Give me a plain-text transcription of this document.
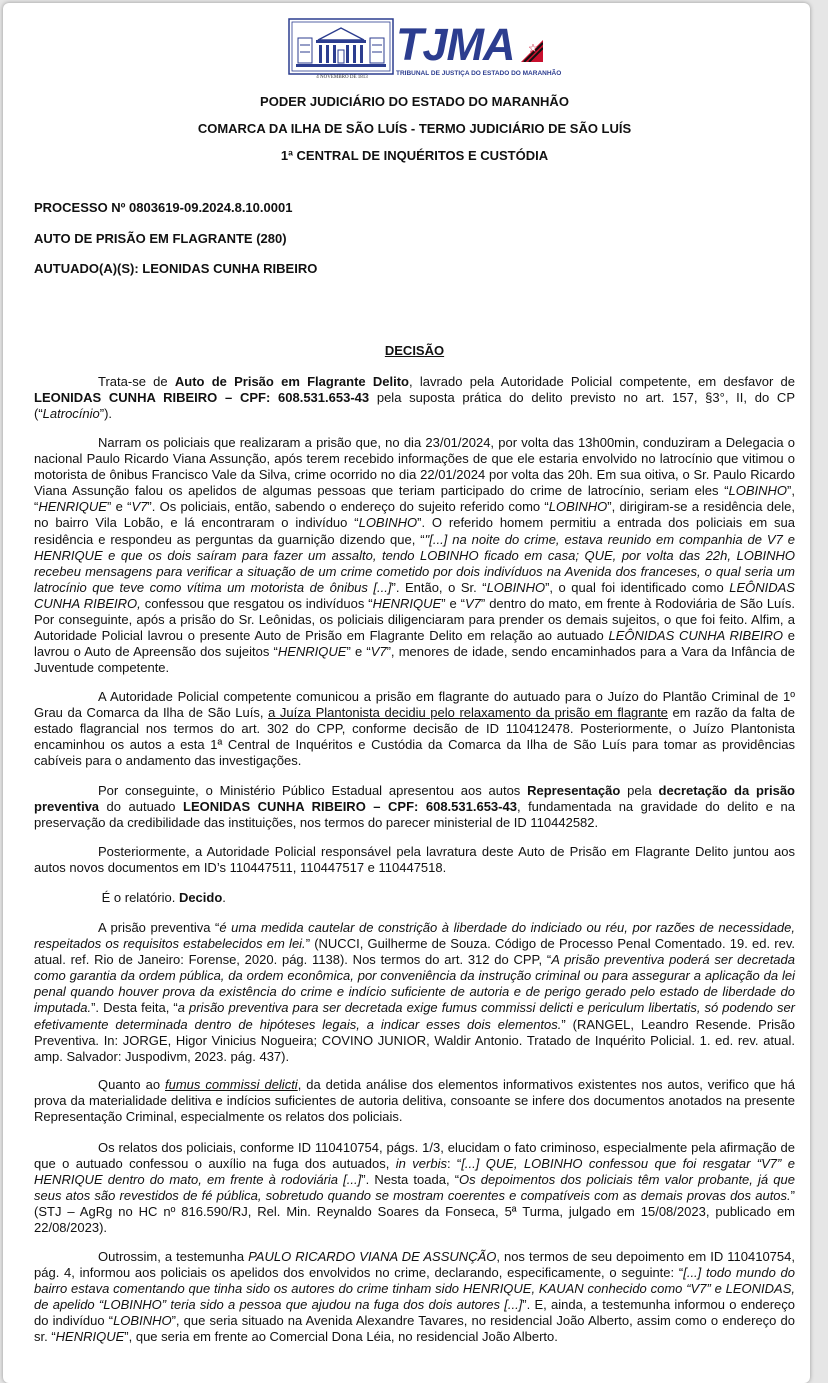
4 NOVEMBRO DE 1813
TJMA
TRIBUNAL DE JUSTIÇA DO ESTADO DO MARANHÃO
PODER JUDICIÁRIO DO ESTADO DO MARANHÃO
COMARCA DA ILHA DE SÃO LUÍS - TERMO JUDICIÁRIO DE SÃO LUÍS
1ª CENTRAL DE INQUÉRITOS E CUSTÓDIA
PROCESSO Nº 0803619-09.2024.8.10.0001
AUTO DE PRISÃO EM FLAGRANTE (280)
AUTUADO(A)(S): LEONIDAS CUNHA RIBEIRO
DECISÃO
Trata-se de Auto de Prisão em Flagrante Delito, lavrado pela Autoridade Policial competente, em desfavor de LEONIDAS CUNHA RIBEIRO – CPF: 608.531.653-43 pela suposta prática do delito previsto no art. 157, §3°, II, do CP (“Latrocínio”).
Narram os policiais que realizaram a prisão que, no dia 23/01/2024, por volta das 13h00min, conduziram a Delegacia o nacional Paulo Ricardo Viana Assunção, após terem recebido informações de que ele estaria envolvido no latrocínio que vitimou o motorista de ônibus Francisco Vale da Silva, crime ocorrido no dia 22/01/2024 por volta das 20h. Em sua oitiva, o Sr. Paulo Ricardo Viana Assunção falou os apelidos de algumas pessoas que teriam participado do crime de latrocínio, seriam eles “LOBINHO”, “HENRIQUE” e “V7”. Os policiais, então, sabendo o endereço do sujeito referido como “LOBINHO”, dirigiram-se a residência dele, no bairro Vila Lobão, e lá encontraram o indivíduo “LOBINHO”. O referido homem permitiu a entrada dos policiais em sua residência e respondeu as perguntas da guarnição dizendo que, “"[...] na noite do crime, estava reunido em companhia de V7 e HENRIQUE e que os dois saíram para fazer um assalto, tendo LOBINHO ficado em casa; QUE, por volta das 22h, LOBINHO recebeu mensagens para verificar a situação de um crime cometido por dois indivíduos na Avenida dos franceses, o qual seria um latrocínio que teve como vítima um motorista de ônibus [...]”. Então, o Sr. “LOBINHO”, o qual foi identificado como LEÔNIDAS CUNHA RIBEIRO, confessou que resgatou os indivíduos “HENRIQUE” e “V7” dentro do mato, em frente à Rodoviária de São Luís. Por conseguinte, após a prisão do Sr. Leônidas, os policiais diligenciaram para prender os demais sujeitos, o que foi feito. Alfim, a Autoridade Policial lavrou o presente Auto de Prisão em Flagrante Delito em relação ao autuado LEÔNIDAS CUNHA RIBEIRO e lavrou o Auto de Apreensão dos sujeitos “HENRIQUE” e “V7”, menores de idade, sendo encaminhados para a Vara da Infância de Juventude competente.
A Autoridade Policial competente comunicou a prisão em flagrante do autuado para o Juízo do Plantão Criminal de 1º Grau da Comarca da Ilha de São Luís, a Juíza Plantonista decidiu pelo relaxamento da prisão em flagrante em razão da falta de estado flagrancial nos termos do art. 302 do CPP, conforme decisão de ID 110412478. Posteriormente, o Juízo Plantonista encaminhou os autos a esta 1ª Central de Inquéritos e Custódia da Comarca da Ilha de São Luís para tomar as providências cabíveis para o andamento das investigações.
Por conseguinte, o Ministério Público Estadual apresentou aos autos Representação pela decretação da prisão preventiva do autuado LEONIDAS CUNHA RIBEIRO – CPF: 608.531.653-43, fundamentada na gravidade do delito e na preservação da credibilidade das instituições, nos termos do parecer ministerial de ID 110442582.
Posteriormente, a Autoridade Policial responsável pela lavratura deste Auto de Prisão em Flagrante Delito juntou aos autos novos documentos em ID’s 110447511, 110447517 e 110447518.
É o relatório. Decido.
A prisão preventiva “é uma medida cautelar de constrição à liberdade do indiciado ou réu, por razões de necessidade, respeitados os requisitos estabelecidos em lei.” (NUCCI, Guilherme de Souza. Código de Processo Penal Comentado. 19. ed. rev. atual. ref. Rio de Janeiro: Forense, 2020. pág. 1138). Nos termos do art. 312 do CPP, “A prisão preventiva poderá ser decretada como garantia da ordem pública, da ordem econômica, por conveniência da instrução criminal ou para assegurar a aplicação da lei penal quando houver prova da existência do crime e indício suficiente de autoria e de perigo gerado pelo estado de liberdade do imputada.”. Desta feita, “a prisão preventiva para ser decretada exige fumus commissi delicti e periculum libertatis, só podendo ser efetivamente determinada dentro de hipóteses legais, a indicar esses dois elementos.” (RANGEL, Leandro Resende. Prisão Preventiva. In: JORGE, Higor Vinicius Nogueira; COVINO JUNIOR, Waldir Antonio. Tratado de Inquérito Policial. 1. ed. rev. atual. amp. Salvador: Juspodivm, 2023. pág. 437).
Quanto ao fumus commissi delicti, da detida análise dos elementos informativos existentes nos autos, verifico que há prova da materialidade delitiva e indícios suficientes de autoria delitiva, consoante se infere dos documentos anotados na presente Representação Criminal, especialmente os relatos dos policiais.
Os relatos dos policiais, conforme ID 110410754, págs. 1/3, elucidam o fato criminoso, especialmente pela afirmação de que o autuado confessou o auxílio na fuga dos autuados, in verbis: “[...] QUE, LOBINHO confessou que foi resgatar “V7” e HENRIQUE dentro do mato, em frente à rodoviária [...]”. Nesta toada, “Os depoimentos dos policiais têm valor probante, já que seus atos são revestidos de fé pública, sobretudo quando se mostram coerentes e compatíveis com as demais provas dos autos.” (STJ – AgRg no HC nº 816.590/RJ, Rel. Min. Reynaldo Soares da Fonseca, 5ª Turma, julgado em 15/08/2023, publicado em 22/08/2023).
Outrossim, a testemunha PAULO RICARDO VIANA DE ASSUNÇÃO, nos termos de seu depoimento em ID 110410754, pág. 4, informou aos policiais os apelidos dos envolvidos no crime, declarando, especificamente, o seguinte: “[...] todo mundo do bairro estava comentando que tinha sido os autores do crime tinham sido HENRIQUE, KAUAN conhecido como “V7” e LEONIDAS, de apelido “LOBINHO” teria sido a pessoa que ajudou na fuga dos dois autores [...]”. E, ainda, a testemunha informou o endereço do indivíduo “LOBINHO”, que seria situado na Avenida Alexandre Tavares, no residencial João Alberto, assim como o endereço do sr. “HENRIQUE”, que seria em frente ao Comercial Dona Léia, no residencial João Alberto.
